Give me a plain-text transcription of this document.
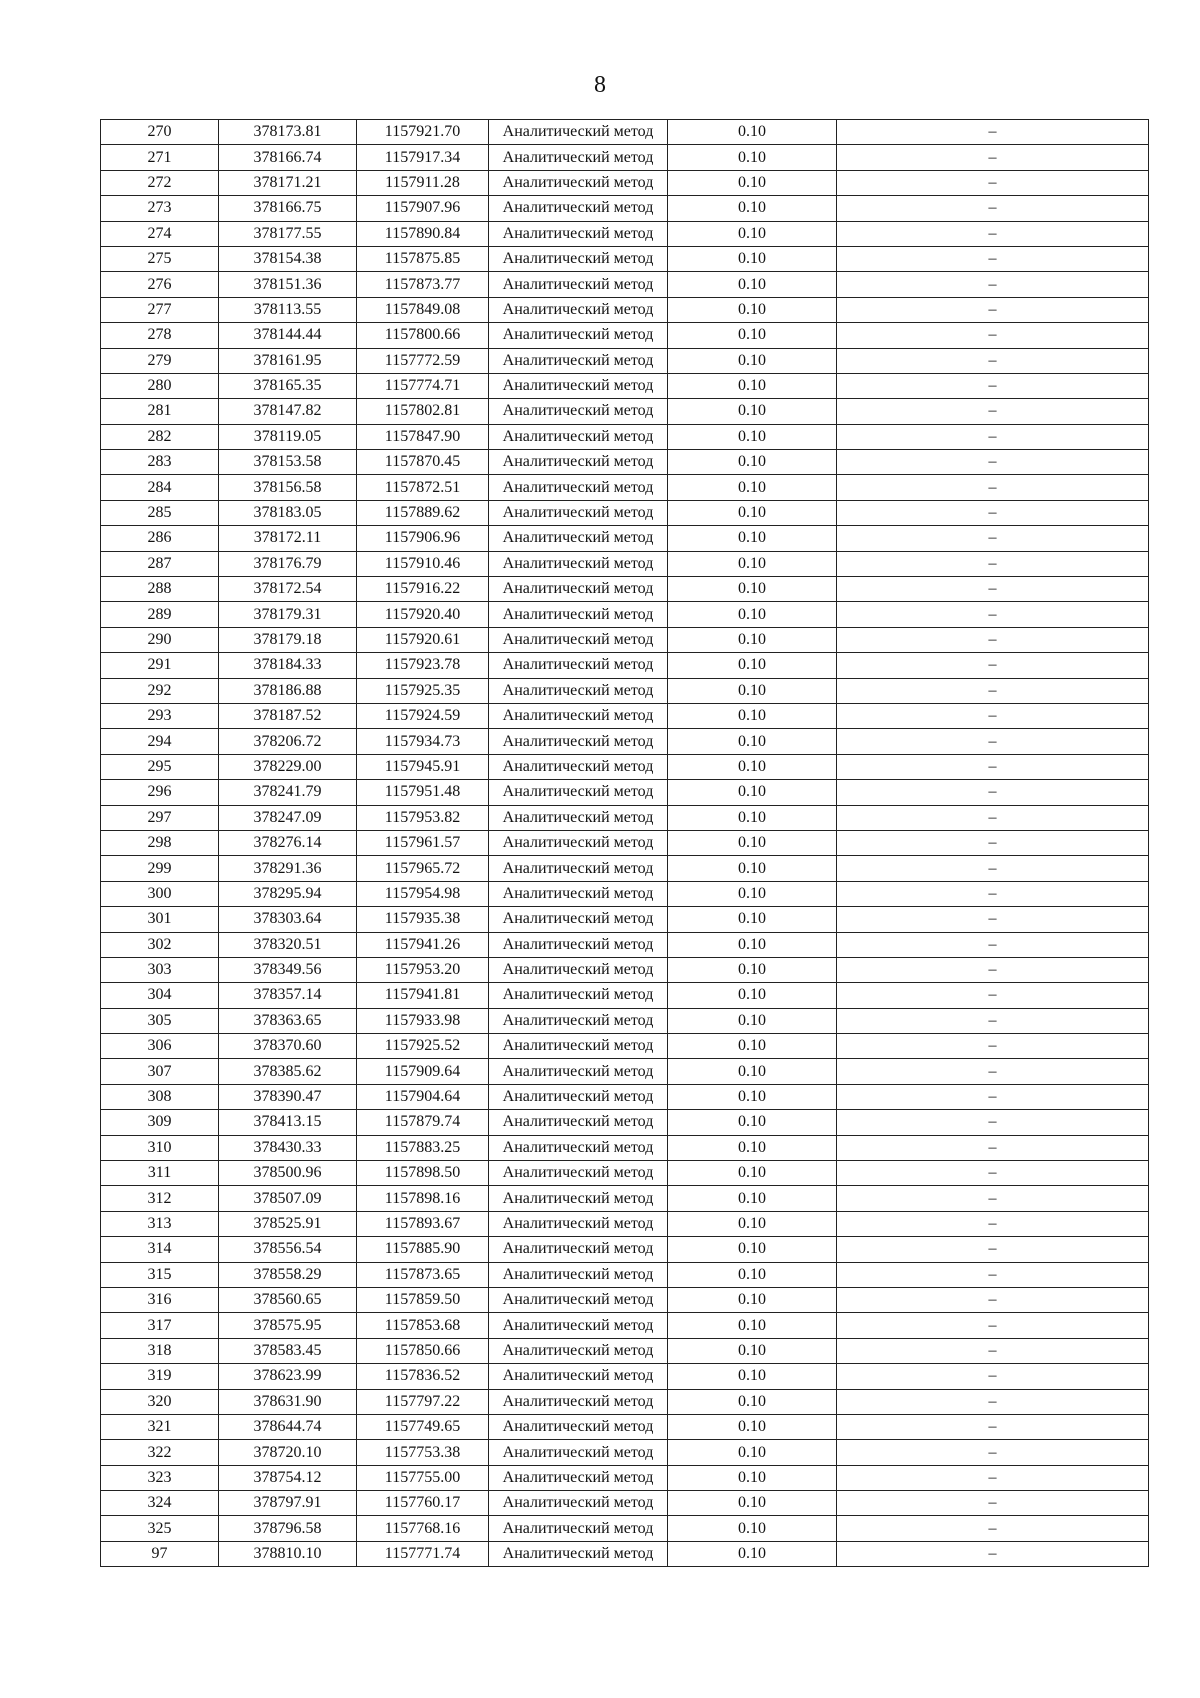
8
270	378173.81	1157921.70	Аналитический метод	0.10	–
271	378166.74	1157917.34	Аналитический метод	0.10	–
272	378171.21	1157911.28	Аналитический метод	0.10	–
273	378166.75	1157907.96	Аналитический метод	0.10	–
274	378177.55	1157890.84	Аналитический метод	0.10	–
275	378154.38	1157875.85	Аналитический метод	0.10	–
276	378151.36	1157873.77	Аналитический метод	0.10	–
277	378113.55	1157849.08	Аналитический метод	0.10	–
278	378144.44	1157800.66	Аналитический метод	0.10	–
279	378161.95	1157772.59	Аналитический метод	0.10	–
280	378165.35	1157774.71	Аналитический метод	0.10	–
281	378147.82	1157802.81	Аналитический метод	0.10	–
282	378119.05	1157847.90	Аналитический метод	0.10	–
283	378153.58	1157870.45	Аналитический метод	0.10	–
284	378156.58	1157872.51	Аналитический метод	0.10	–
285	378183.05	1157889.62	Аналитический метод	0.10	–
286	378172.11	1157906.96	Аналитический метод	0.10	–
287	378176.79	1157910.46	Аналитический метод	0.10	–
288	378172.54	1157916.22	Аналитический метод	0.10	–
289	378179.31	1157920.40	Аналитический метод	0.10	–
290	378179.18	1157920.61	Аналитический метод	0.10	–
291	378184.33	1157923.78	Аналитический метод	0.10	–
292	378186.88	1157925.35	Аналитический метод	0.10	–
293	378187.52	1157924.59	Аналитический метод	0.10	–
294	378206.72	1157934.73	Аналитический метод	0.10	–
295	378229.00	1157945.91	Аналитический метод	0.10	–
296	378241.79	1157951.48	Аналитический метод	0.10	–
297	378247.09	1157953.82	Аналитический метод	0.10	–
298	378276.14	1157961.57	Аналитический метод	0.10	–
299	378291.36	1157965.72	Аналитический метод	0.10	–
300	378295.94	1157954.98	Аналитический метод	0.10	–
301	378303.64	1157935.38	Аналитический метод	0.10	–
302	378320.51	1157941.26	Аналитический метод	0.10	–
303	378349.56	1157953.20	Аналитический метод	0.10	–
304	378357.14	1157941.81	Аналитический метод	0.10	–
305	378363.65	1157933.98	Аналитический метод	0.10	–
306	378370.60	1157925.52	Аналитический метод	0.10	–
307	378385.62	1157909.64	Аналитический метод	0.10	–
308	378390.47	1157904.64	Аналитический метод	0.10	–
309	378413.15	1157879.74	Аналитический метод	0.10	–
310	378430.33	1157883.25	Аналитический метод	0.10	–
311	378500.96	1157898.50	Аналитический метод	0.10	–
312	378507.09	1157898.16	Аналитический метод	0.10	–
313	378525.91	1157893.67	Аналитический метод	0.10	–
314	378556.54	1157885.90	Аналитический метод	0.10	–
315	378558.29	1157873.65	Аналитический метод	0.10	–
316	378560.65	1157859.50	Аналитический метод	0.10	–
317	378575.95	1157853.68	Аналитический метод	0.10	–
318	378583.45	1157850.66	Аналитический метод	0.10	–
319	378623.99	1157836.52	Аналитический метод	0.10	–
320	378631.90	1157797.22	Аналитический метод	0.10	–
321	378644.74	1157749.65	Аналитический метод	0.10	–
322	378720.10	1157753.38	Аналитический метод	0.10	–
323	378754.12	1157755.00	Аналитический метод	0.10	–
324	378797.91	1157760.17	Аналитический метод	0.10	–
325	378796.58	1157768.16	Аналитический метод	0.10	–
97	378810.10	1157771.74	Аналитический метод	0.10	–
